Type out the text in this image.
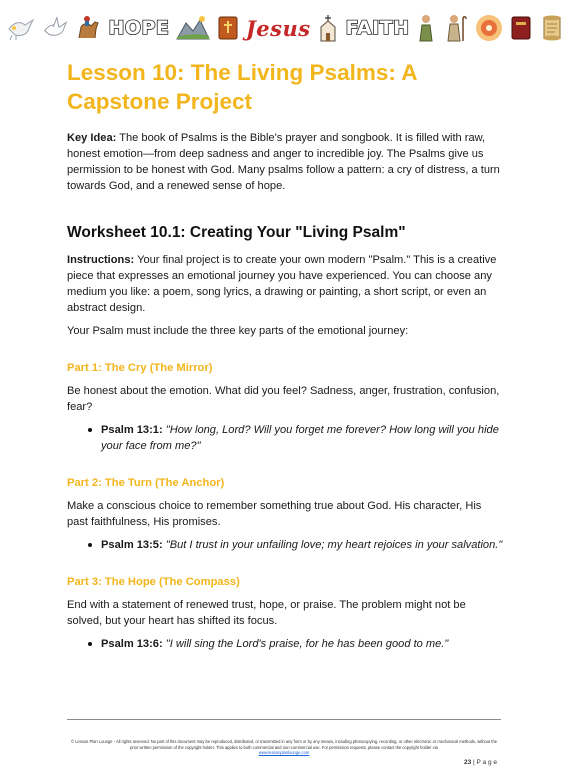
HOPE	Jesus FAITH
Lesson 10: The Living Psalms: A Capstone Project

Key Idea: The book of Psalms is the Bible's prayer and songbook. It is filled with raw, honest emotion—from deep sadness and anger to incredible joy. The Psalms give us permission to be honest with God. Many psalms follow a pattern: a cry of distress, a turn towards God, and a renewed sense of hope.

Worksheet 10.1: Creating Your "Living Psalm"

Instructions: Your final project is to create your own modern "Psalm." This is a creative piece that expresses an emotional journey you have experienced. You can choose any medium you like: a poem, song lyrics, a drawing or painting, a short script, or even an abstract design.

Your Psalm must include the three key parts of the emotional journey:

Part 1: The Cry (The Mirror)

Be honest about the emotion. What did you feel? Sadness, anger, frustration, confusion, fear?

Psalm 13:1: "How long, Lord? Will you forget me forever? How long will you hide your face from me?"
Part 2: The Turn (The Anchor)

Make a conscious choice to remember something true about God. His character, His past faithfulness, His promises.

Psalm 13:5: "But I trust in your unfailing love; my heart rejoices in your salvation."
Part 3: The Hope (The Compass)

End with a statement of renewed trust, hope, or praise. The problem might not be solved, but your heart has shifted its focus.

Psalm 13:6: "I will sing the Lord's praise, for he has been good to me."
© Lesson Plan Lounge - All rights reserved. No part of this document may be reproduced, distributed, or transmitted in any form or by any means, including photocopying, recording, or other electronic or mechanical methods, without the prior written permission of the copyright holder. This applies to both commercial and non-commercial use. For permission requests, please contact the copyright holder via
www.lessonplanlounge.com
23 | P a g e
